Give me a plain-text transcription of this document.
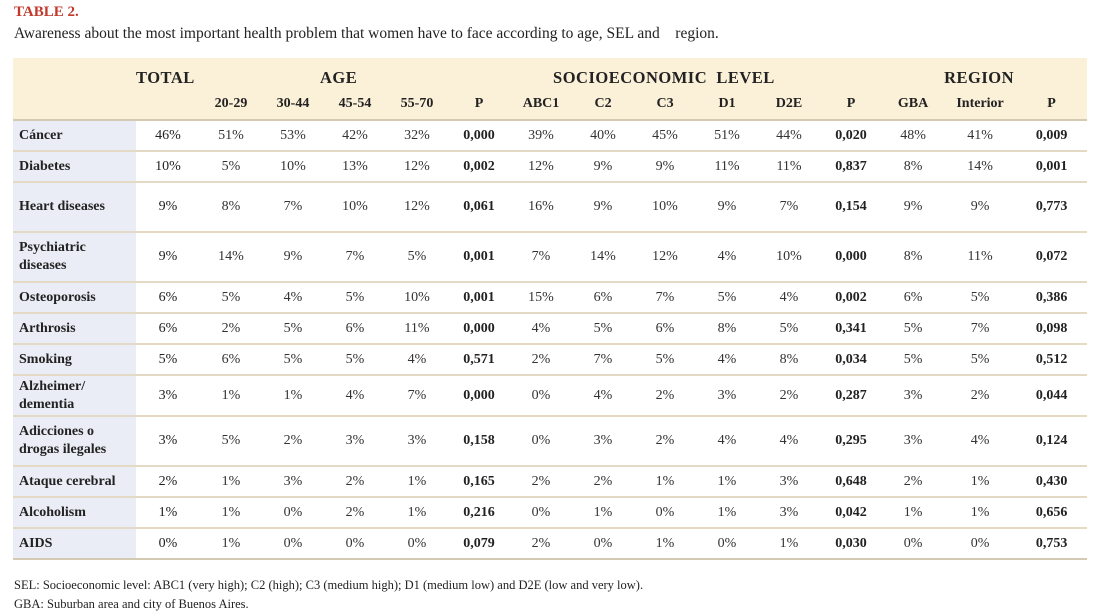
TABLE 2.
Awareness about the most important health problem that women have to face according to age, SEL and    region.
	TOTAL		AGE			SOCIOECONOMIC  LEVEL								REGION	
		20-29	30-44	45-54	55-70	P	ABC1	C2	C3	D1	D2E	P	GBA	Interior	P
Cáncer	46%	51%	53%	42%	32%	0,000	39%	40%	45%	51%	44%	0,020	48%	41%	0,009
Diabetes	10%	5%	10%	13%	12%	0,002	12%	9%	9%	11%	11%	0,837	8%	14%	0,001
Heart diseases	9%	8%	7%	10%	12%	0,061	16%	9%	10%	9%	7%	0,154	9%	9%	0,773
Psychiatric diseases	9%	14%	9%	7%	5%	0,001	7%	14%	12%	4%	10%	0,000	8%	11%	0,072
Osteoporosis	6%	5%	4%	5%	10%	0,001	15%	6%	7%	5%	4%	0,002	6%	5%	0,386
Arthrosis	6%	2%	5%	6%	11%	0,000	4%	5%	6%	8%	5%	0,341	5%	7%	0,098
Smoking	5%	6%	5%	5%	4%	0,571	2%	7%	5%	4%	8%	0,034	5%	5%	0,512
Alzheimer/ dementia	3%	1%	1%	4%	7%	0,000	0%	4%	2%	3%	2%	0,287	3%	2%	0,044
Adicciones o drogas ilegales	3%	5%	2%	3%	3%	0,158	0%	3%	2%	4%	4%	0,295	3%	4%	0,124
Ataque cerebral	2%	1%	3%	2%	1%	0,165	2%	2%	1%	1%	3%	0,648	2%	1%	0,430
Alcoholism	1%	1%	0%	2%	1%	0,216	0%	1%	0%	1%	3%	0,042	1%	1%	0,656
AIDS	0%	1%	0%	0%	0%	0,079	2%	0%	1%	0%	1%	0,030	0%	0%	0,753
SEL: Socioeconomic level: ABC1 (very high); C2 (high); C3 (medium high); D1 (medium low) and D2E (low and very low).
GBA: Suburban area and city of Buenos Aires.
